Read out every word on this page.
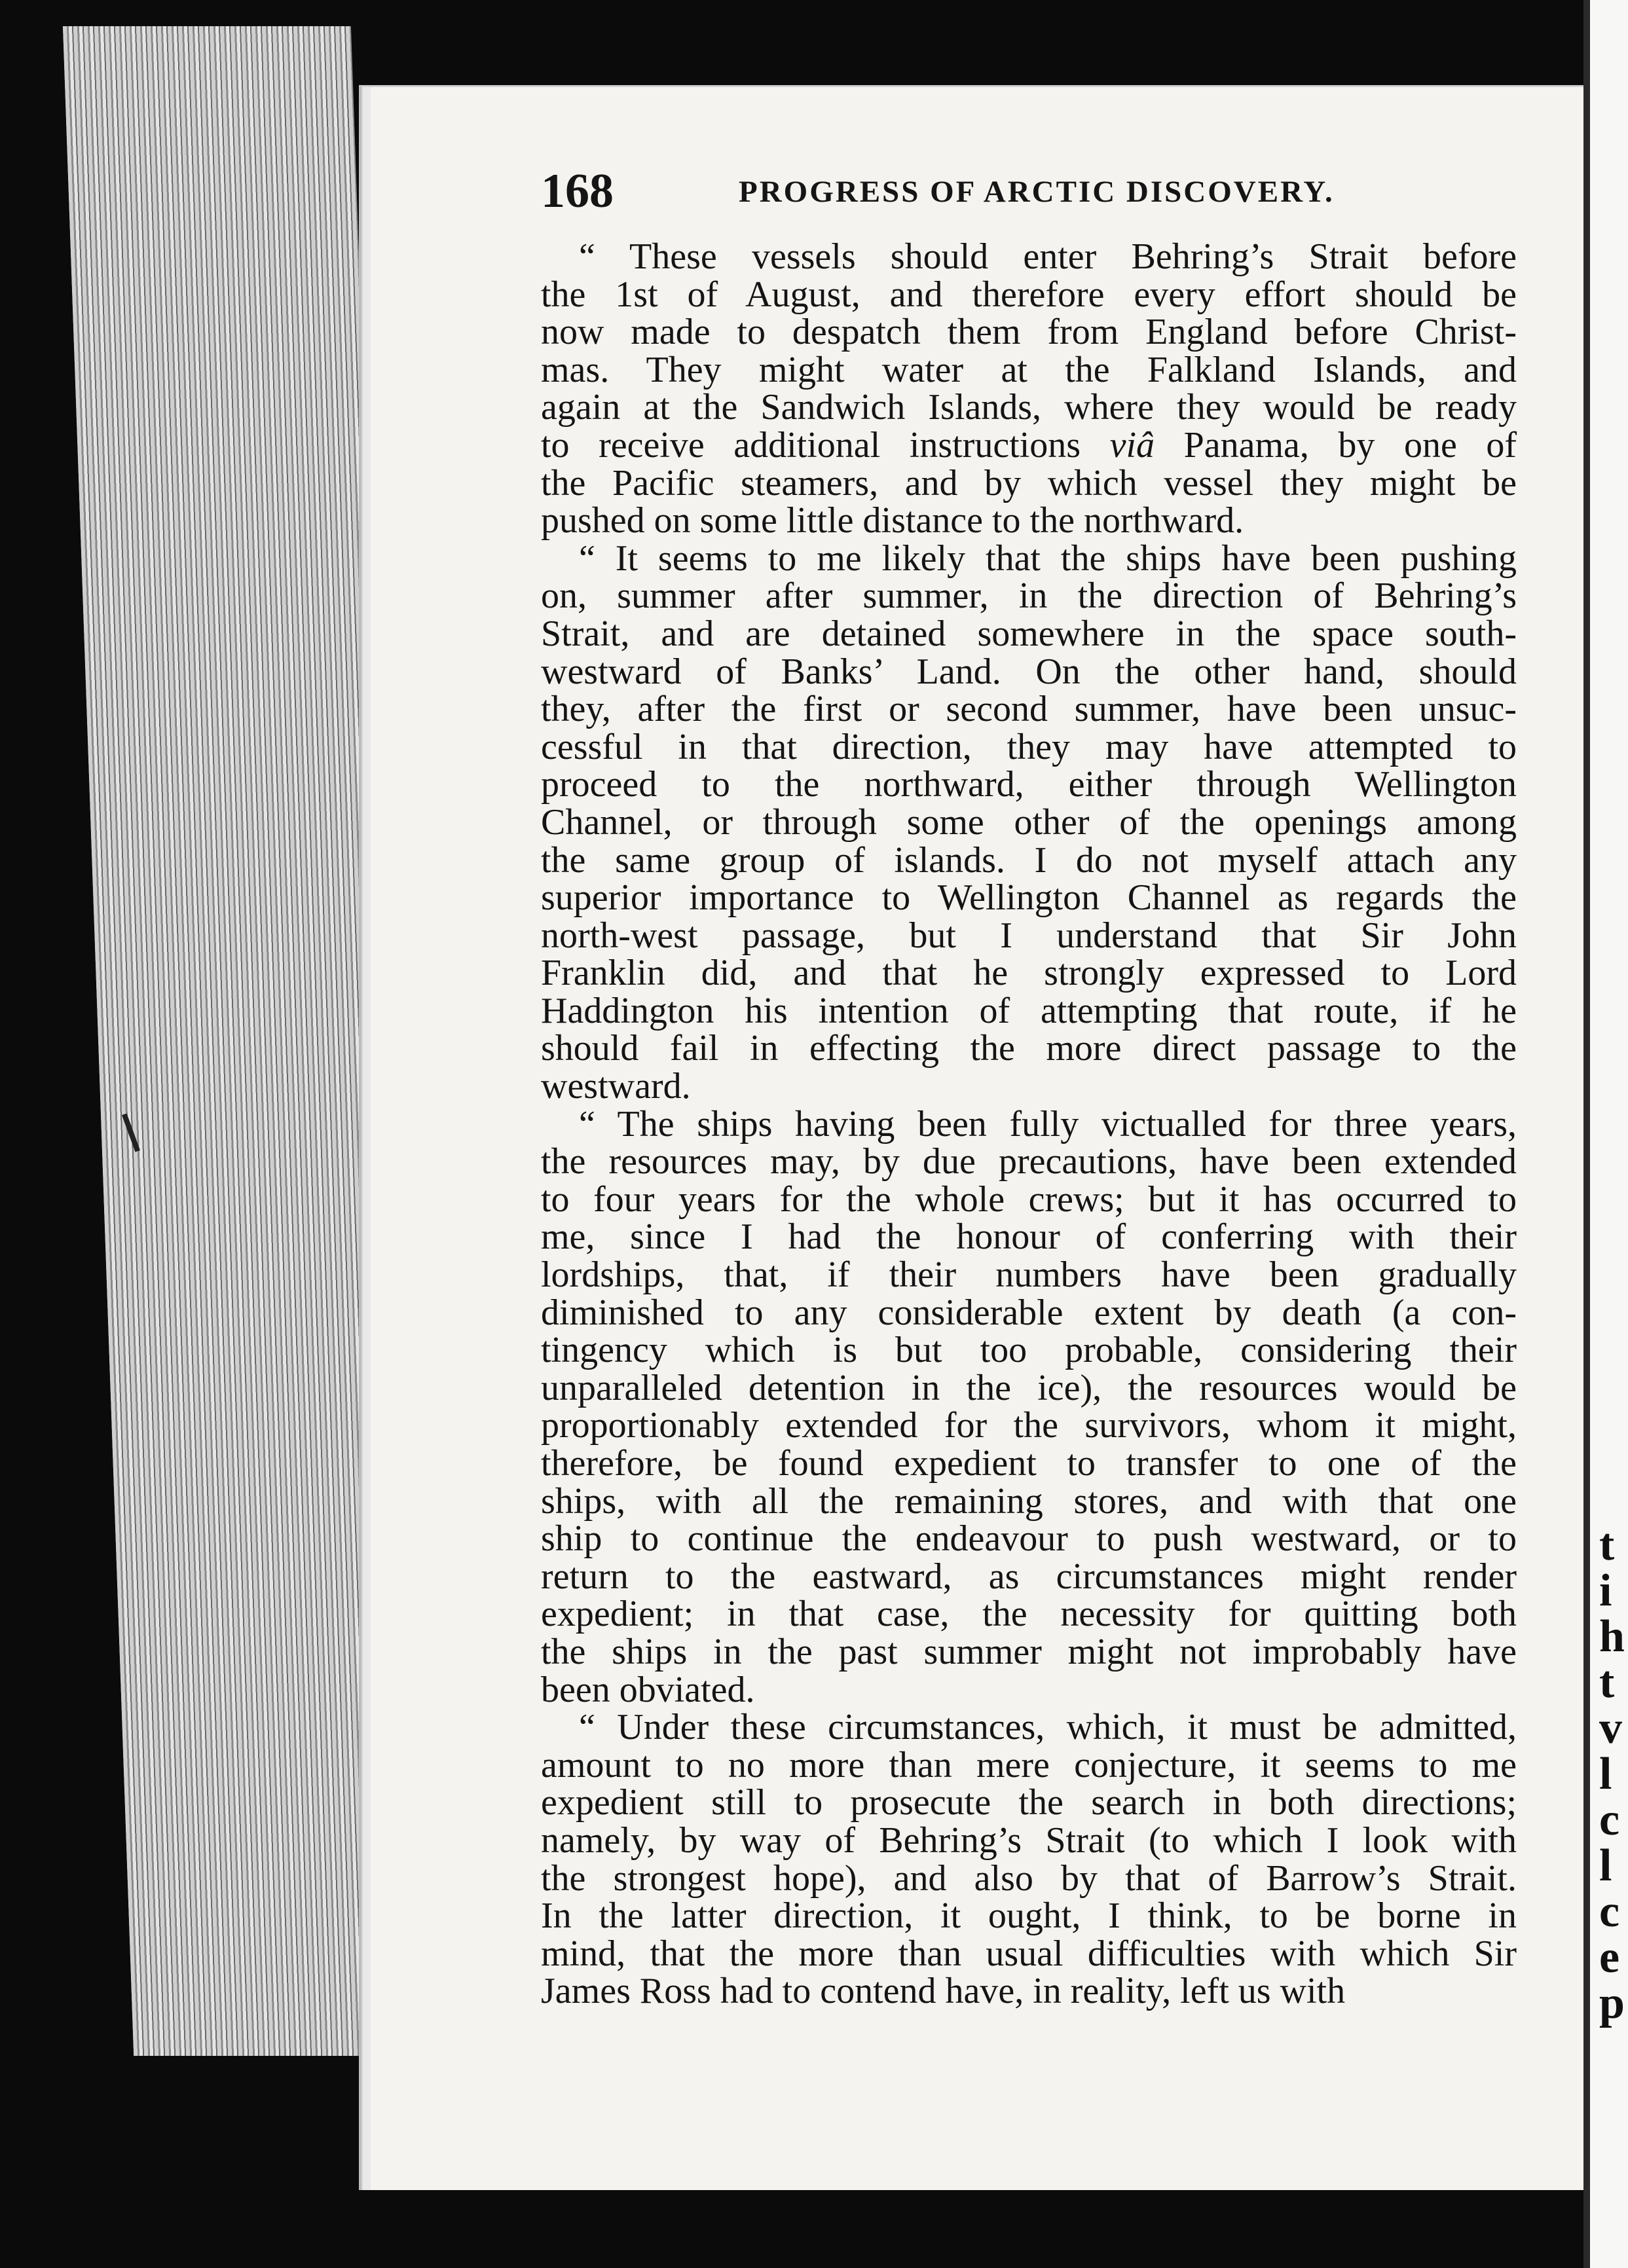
t
i
h
t
v
l
c
l
c
e
p
168	PROGRESS OF ARCTIC DISCOVERY.
“ These vessels should enter Behring’s Strait before
the 1st of August, and therefore every effort should be
now made to despatch them from England before Christ-
mas. They might water at the Falkland Islands, and
again at the Sandwich Islands, where they would be ready
to receive additional instructions viâ Panama, by one of
the Pacific steamers, and by which vessel they might be
pushed on some little distance to the northward.
“ It seems to me likely that the ships have been pushing
on, summer after summer, in the direction of Behring’s
Strait, and are detained somewhere in the space south-
westward of Banks’ Land. On the other hand, should
they, after the first or second summer, have been unsuc-
cessful in that direction, they may have attempted to
proceed to the northward, either through Wellington
Channel, or through some other of the openings among
the same group of islands. I do not myself attach any
superior importance to Wellington Channel as regards the
north-west passage, but I understand that Sir John
Franklin did, and that he strongly expressed to Lord
Haddington his intention of attempting that route, if he
should fail in effecting the more direct passage to the
westward.
“ The ships having been fully victualled for three years,
the resources may, by due precautions, have been extended
to four years for the whole crews; but it has occurred to
me, since I had the honour of conferring with their
lordships, that, if their numbers have been gradually
diminished to any considerable extent by death (a con-
tingency which is but too probable, considering their
unparalleled detention in the ice), the resources would be
proportionably extended for the survivors, whom it might,
therefore, be found expedient to transfer to one of the
ships, with all the remaining stores, and with that one
ship to continue the endeavour to push westward, or to
return to the eastward, as circumstances might render
expedient; in that case, the necessity for quitting both
the ships in the past summer might not improbably have
been obviated.
“ Under these circumstances, which, it must be admitted,
amount to no more than mere conjecture, it seems to me
expedient still to prosecute the search in both directions;
namely, by way of Behring’s Strait (to which I look with
the strongest hope), and also by that of Barrow’s Strait.
In the latter direction, it ought, I think, to be borne in
mind, that the more than usual difficulties with which Sir
James Ross had to contend have, in reality, left us with
